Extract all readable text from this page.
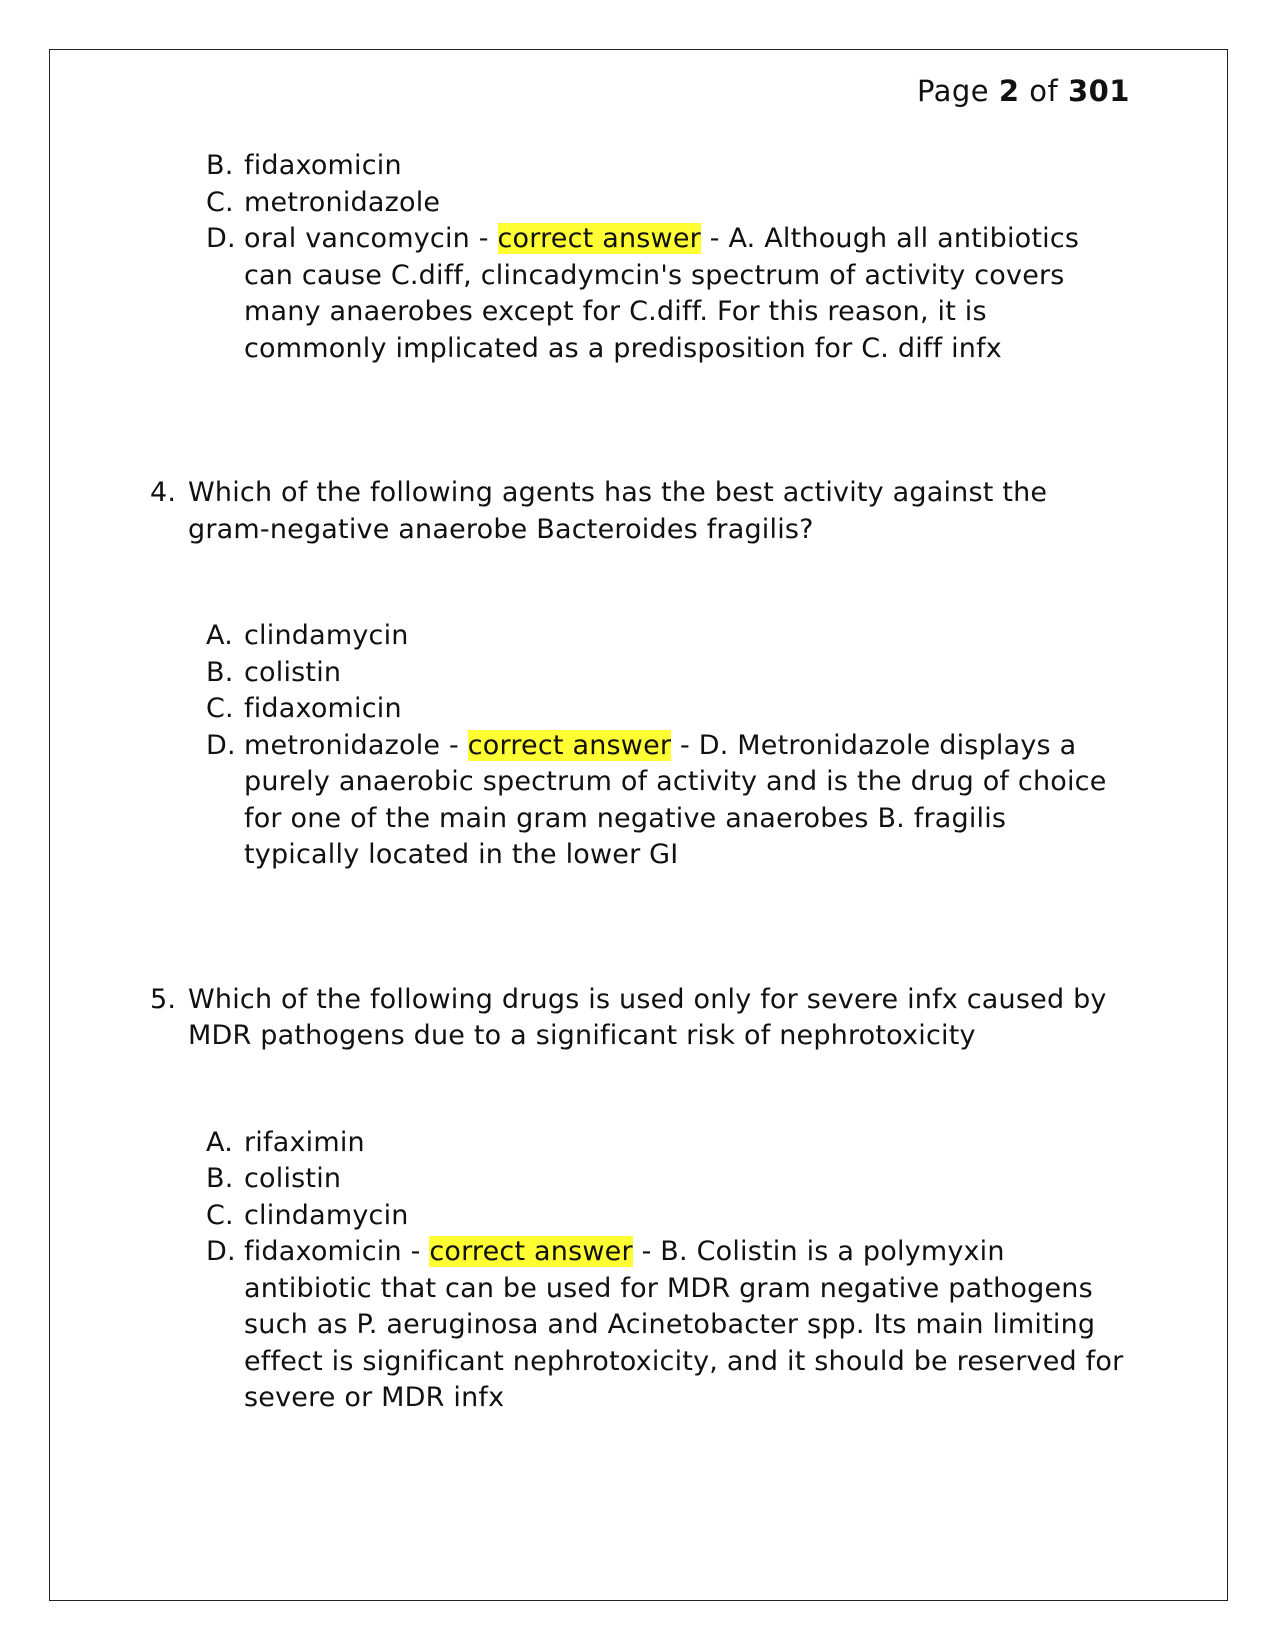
Page 2 of 301
B. fidaxomicin
C. metronidazole
D. oral vancomycin - correct answer - A. Although all antibiotics can cause C.diff, clincadymcin's spectrum of activity covers many anaerobes except for C.diff. For this reason, it is commonly implicated as a predisposition for C. diff infx
4. Which of the following agents has the best activity against the gram-negative anaerobe Bacteroides fragilis?
A. clindamycin
B. colistin
C. fidaxomicin
D. metronidazole - correct answer - D. Metronidazole displays a purely anaerobic spectrum of activity and is the drug of choice for one of the main gram negative anaerobes B. fragilis typically located in the lower GI
5. Which of the following drugs is used only for severe infx caused by MDR pathogens due to a significant risk of nephrotoxicity
A. rifaximin
B. colistin
C. clindamycin
D. fidaxomicin - correct answer - B. Colistin is a polymyxin antibiotic that can be used for MDR gram negative pathogens such as P. aeruginosa and Acinetobacter spp. Its main limiting effect is significant nephrotoxicity, and it should be reserved for severe or MDR infx
